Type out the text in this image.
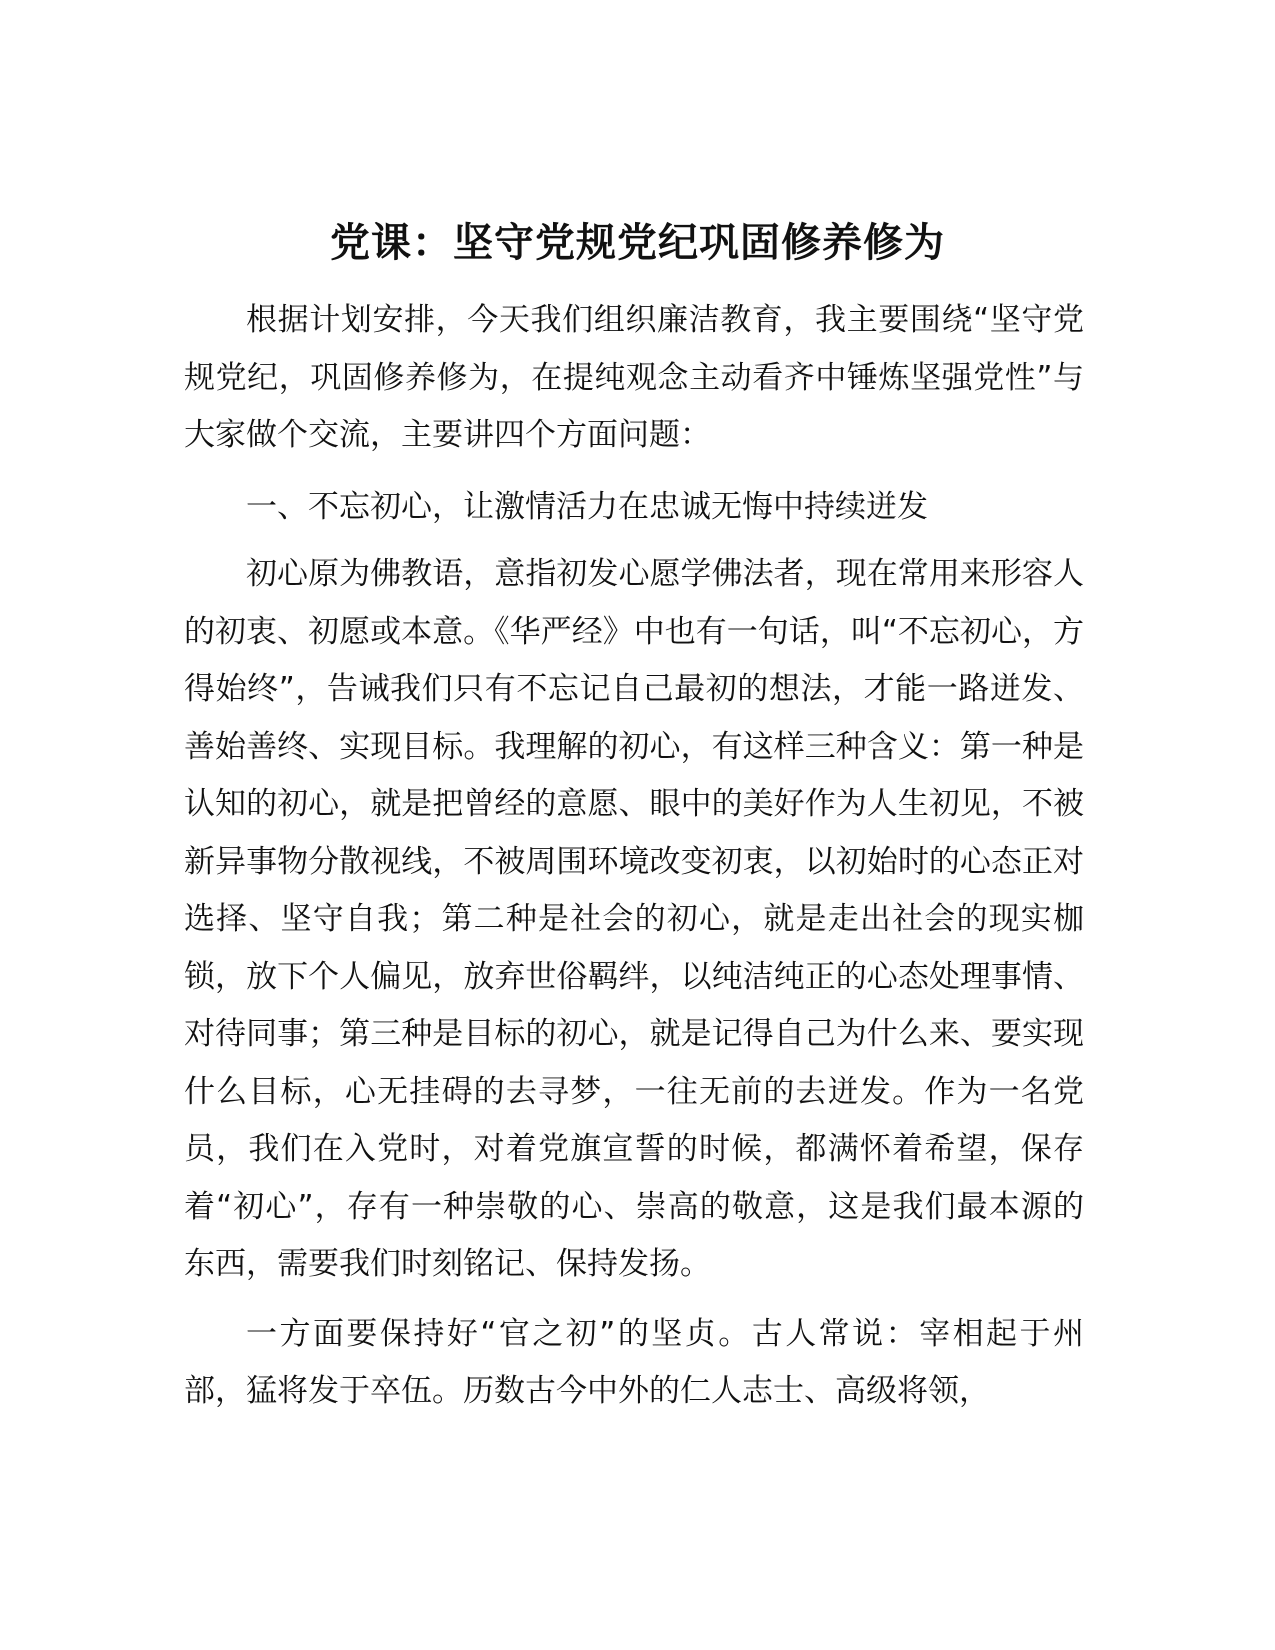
党课：坚守党规党纪巩固修养修为

根据计划安排，今天我们组织廉洁教育，我主要围绕“坚守党规党纪，巩固修养修为，在提纯观念主动看齐中锤炼坚强党性”与大家做个交流，主要讲四个方面问题：

一、不忘初心，让激情活力在忠诚无悔中持续迸发

初心原为佛教语，意指初发心愿学佛法者，现在常用来形容人的初衷、初愿或本意。《华严经》中也有一句话，叫“不忘初心，方得始终”，告诫我们只有不忘记自己最初的想法，才能一路迸发、善始善终、实现目标。我理解的初心，有这样三种含义：第一种是认知的初心，就是把曾经的意愿、眼中的美好作为人生初见，不被新异事物分散视线，不被周围环境改变初衷，以初始时的心态正对选择、坚守自我；第二种是社会的初心，就是走出社会的现实枷锁，放下个人偏见，放弃世俗羁绊，以纯洁纯正的心态处理事情、对待同事；第三种是目标的初心，就是记得自己为什么来、要实现什么目标，心无挂碍的去寻梦，一往无前的去迸发。作为一名党员，我们在入党时，对着党旗宣誓的时候，都满怀着希望，保存着“初心”，存有一种崇敬的心、崇高的敬意，这是我们最本源的东西，需要我们时刻铭记、保持发扬。

一方面要保持好“官之初”的坚贞。古人常说：宰相起于州部，猛将发于卒伍。历数古今中外的仁人志士、高级将领，
